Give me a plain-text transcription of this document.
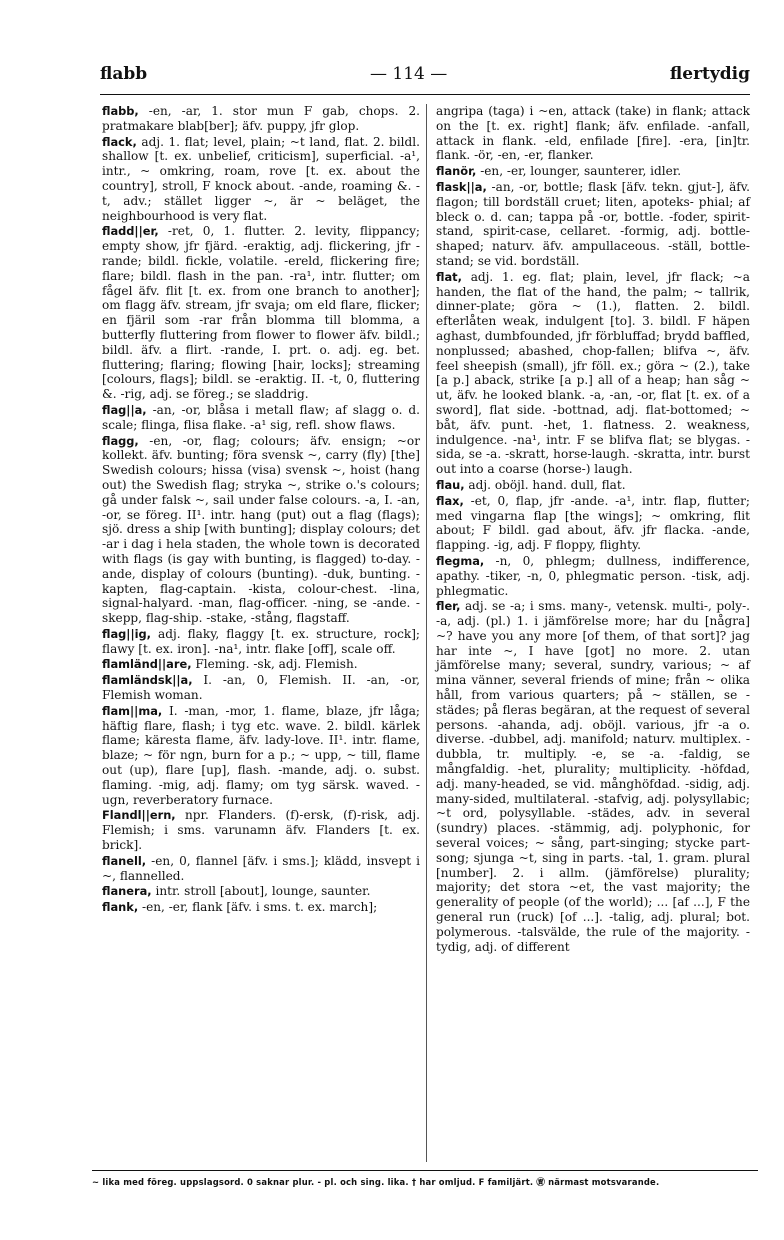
flabb	— 114 —	flertydig
flabb, -en, -ar, 1. stor mun F gab, chops. 2. pratmakare blab[ber]; äfv. puppy, jfr glop.
flack, adj. 1. flat; level, plain; ~t land, flat. 2. bildl. shallow [t. ex. unbelief, criticism], superficial. -a¹, intr., ~ omkring, roam, rove [t. ex. about the country], stroll, F knock about. -ande, roaming &. -t, adv.; stället ligger ~, är ~ beläget, the neighbourhood is very flat.
fladd||er, -ret, 0, 1. flutter. 2. levity, flippancy; empty show, jfr fjärd. -eraktig, adj. flickering, jfr -rande; bildl. fickle, volatile. -ereld, flickering fire; flare; bildl. flash in the pan. -ra¹, intr. flutter; om fågel äfv. flit [t. ex. from one branch to another]; om flagg äfv. stream, jfr svaja; om eld flare, flicker; en fjäril som -rar från blomma till blomma, a butterfly fluttering from flower to flower äfv. bildl.; bildl. äfv. a flirt. -rande, I. prt. o. adj. eg. bet. fluttering; flaring; flowing [hair, locks]; streaming [colours, flags]; bildl. se -eraktig. II. -t, 0, fluttering &. -rig, adj. se föreg.; se sladdrig.
flag||a, -an, -or, blåsa i metall flaw; af slagg o. d. scale; flinga, flisa flake. -a¹ sig, refl. show flaws.
flagg, -en, -or, flag; colours; äfv. ensign; ~or kollekt. äfv. bunting; föra svensk ~, carry (fly) [the] Swedish colours; hissa (visa) svensk ~, hoist (hang out) the Swedish flag; stryka ~, strike o.'s colours; gå under falsk ~, sail under false colours. -a, I. -an, -or, se föreg. II¹. intr. hang (put) out a flag (flags); sjö. dress a ship [with bunting]; display colours; det -ar i dag i hela staden, the whole town is decorated with flags (is gay with bunting, is flagged) to-day. -ande, display of colours (bunting). -duk, bunting. -kapten, flag-captain. -kista, colour-chest. -lina, signal-halyard. -man, flag-officer. -ning, se -ande. -skepp, flag-ship. -stake, -stång, flagstaff.
flag||ig, adj. flaky, flaggy [t. ex. structure, rock]; flawy [t. ex. iron]. -na¹, intr. flake [off], scale off.
flamländ||are, Fleming. -sk, adj. Flemish.
flamländsk||a, I. -an, 0, Flemish. II. -an, -or, Flemish woman.
flam||ma, I. -man, -mor, 1. flame, blaze, jfr låga; häftig flare, flash; i tyg etc. wave. 2. bildl. kärlek flame; käresta flame, äfv. lady-love. II¹. intr. flame, blaze; ~ för ngn, burn for a p.; ~ upp, ~ till, flame out (up), flare [up], flash. -mande, adj. o. subst. flaming. -mig, adj. flamy; om tyg särsk. waved. -ugn, reverberatory furnace.
Flandl||ern, npr. Flanders. (f)-ersk, (f)-risk, adj. Flemish; i sms. varunamn äfv. Flanders [t. ex. brick].
flanell, -en, 0, flannel [äfv. i sms.]; klädd, insvept i ~, flannelled.
flanera, intr. stroll [about], lounge, saunter.
flank, -en, -er, flank [äfv. i sms. t. ex. march];
angripa (taga) i ~en, attack (take) in flank; attack on the [t. ex. right] flank; äfv. enfilade. -anfall, attack in flank. -eld, enfilade [fire]. -era, [in]tr. flank. -ör, -en, -er, flanker.
flanör, -en, -er, lounger, saunterer, idler.
flask||a, -an, -or, bottle; flask [äfv. tekn. gjut-], äfv. flagon; till bordställ cruet; liten, apoteks- phial; af bleck o. d. can; tappa på -or, bottle. -foder, spirit-stand, spirit-case, cellaret. -formig, adj. bottle-shaped; naturv. äfv. ampullaceous. -ställ, bottle-stand; se vid. bordställ.
flat, adj. 1. eg. flat; plain, level, jfr flack; ~a handen, the flat of the hand, the palm; ~ tallrik, dinner-plate; göra ~ (1.), flatten. 2. bildl. efterlåten weak, indulgent [to]. 3. bildl. F häpen aghast, dumbfounded, jfr förbluffad; brydd baffled, nonplussed; abashed, chop-fallen; blifva ~, äfv. feel sheepish (small), jfr föll. ex.; göra ~ (2.), take [a p.] aback, strike [a p.] all of a heap; han såg ~ ut, äfv. he looked blank. -a, -an, -or, flat [t. ex. of a sword], flat side. -bottnad, adj. flat-bottomed; ~ båt, äfv. punt. -het, 1. flatness. 2. weakness, indulgence. -na¹, intr. F se blifva flat; se blygas. -sida, se -a. -skratt, horse-laugh. -skratta, intr. burst out into a coarse (horse-) laugh.
flau, adj. oböjl. hand. dull, flat.
flax, -et, 0, flap, jfr -ande. -a¹, intr. flap, flutter; med vingarna flap [the wings]; ~ omkring, flit about; F bildl. gad about, äfv. jfr flacka. -ande, flapping. -ig, adj. F floppy, flighty.
flegma, -n, 0, phlegm; dullness, indifference, apathy. -tiker, -n, 0, phlegmatic person. -tisk, adj. phlegmatic.
fler, adj. se -a; i sms. many-, vetensk. multi-, poly-. -a, adj. (pl.) 1. i jämförelse more; har du [några] ~? have you any more [of them, of that sort]? jag har inte ~, I have [got] no more. 2. utan jämförelse many; several, sundry, various; ~ af mina vänner, several friends of mine; från ~ olika håll, from various quarters; på ~ ställen, se -städes; på fleras begäran, at the request of several persons. -ahanda, adj. oböjl. various, jfr -a o. diverse. -dubbel, adj. manifold; naturv. multiplex. -dubbla, tr. multiply. -e, se -a. -faldig, se mångfaldig. -het, plurality; multiplicity. -höfdad, adj. many-headed, se vid. månghöfdad. -sidig, adj. many-sided, multilateral. -stafvig, adj. polysyllabic; ~t ord, polysyllable. -städes, adv. in several (sundry) places. -stämmig, adj. polyphonic, for several voices; ~ sång, part-singing; stycke part-song; sjunga ~t, sing in parts. -tal, 1. gram. plural [number]. 2. i allm. (jämförelse) plurality; majority; det stora ~et, the vast majority; the generality of people (of the world); ... [af ...], F the general run (ruck) [of ...]. -talig, adj. plural; bot. polymerous. -talsvälde, the rule of the majority. -tydig, adj. of different
~ lika med föreg. uppslagsord. 0 saknar plur. - pl. och sing. lika. † har omljud. F familjärt. ㊮ närmast motsvarande.
